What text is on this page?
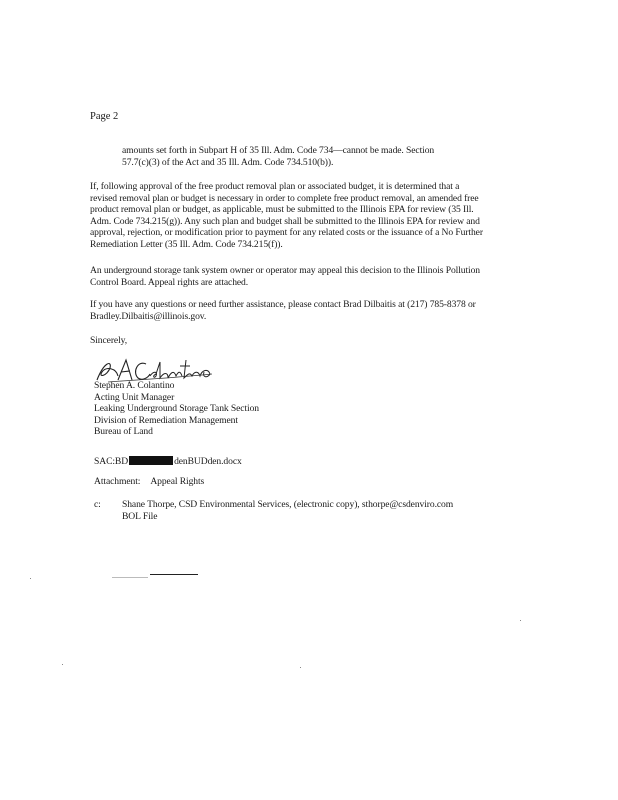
Page 2
amounts set forth in Subpart H of 35 Ill. Adm. Code 734—cannot be made. Section
57.7(c)(3) of the Act and 35 Ill. Adm. Code 734.510(b)).
If, following approval of the free product removal plan or associated budget, it is determined that a
revised removal plan or budget is necessary in order to complete free product removal, an amended free
product removal plan or budget, as applicable, must be submitted to the Illinois EPA for review (35 Ill.
Adm. Code 734.215(g)). Any such plan and budget shall be submitted to the Illinois EPA for review and
approval, rejection, or modification prior to payment for any related costs or the issuance of a No Further
Remediation Letter (35 Ill. Adm. Code 734.215(f)).
An underground storage tank system owner or operator may appeal this decision to the Illinois Pollution
Control Board. Appeal rights are attached.
If you have any questions or need further assistance, please contact Brad Dilbaitis at (217) 785-8378 or
Bradley.Dilbaitis@illinois.gov.
Sincerely,
Stephen A. Colantino
Acting Unit Manager
Leaking Underground Storage Tank Section
Division of Remediation Management
Bureau of Land
SAC:BD	denBUDden.docx
Attachment: Appeal Rights
c: Shane Thorpe, CSD Environmental Services, (electronic copy), sthorpe@csdenviro.com
BOL File
